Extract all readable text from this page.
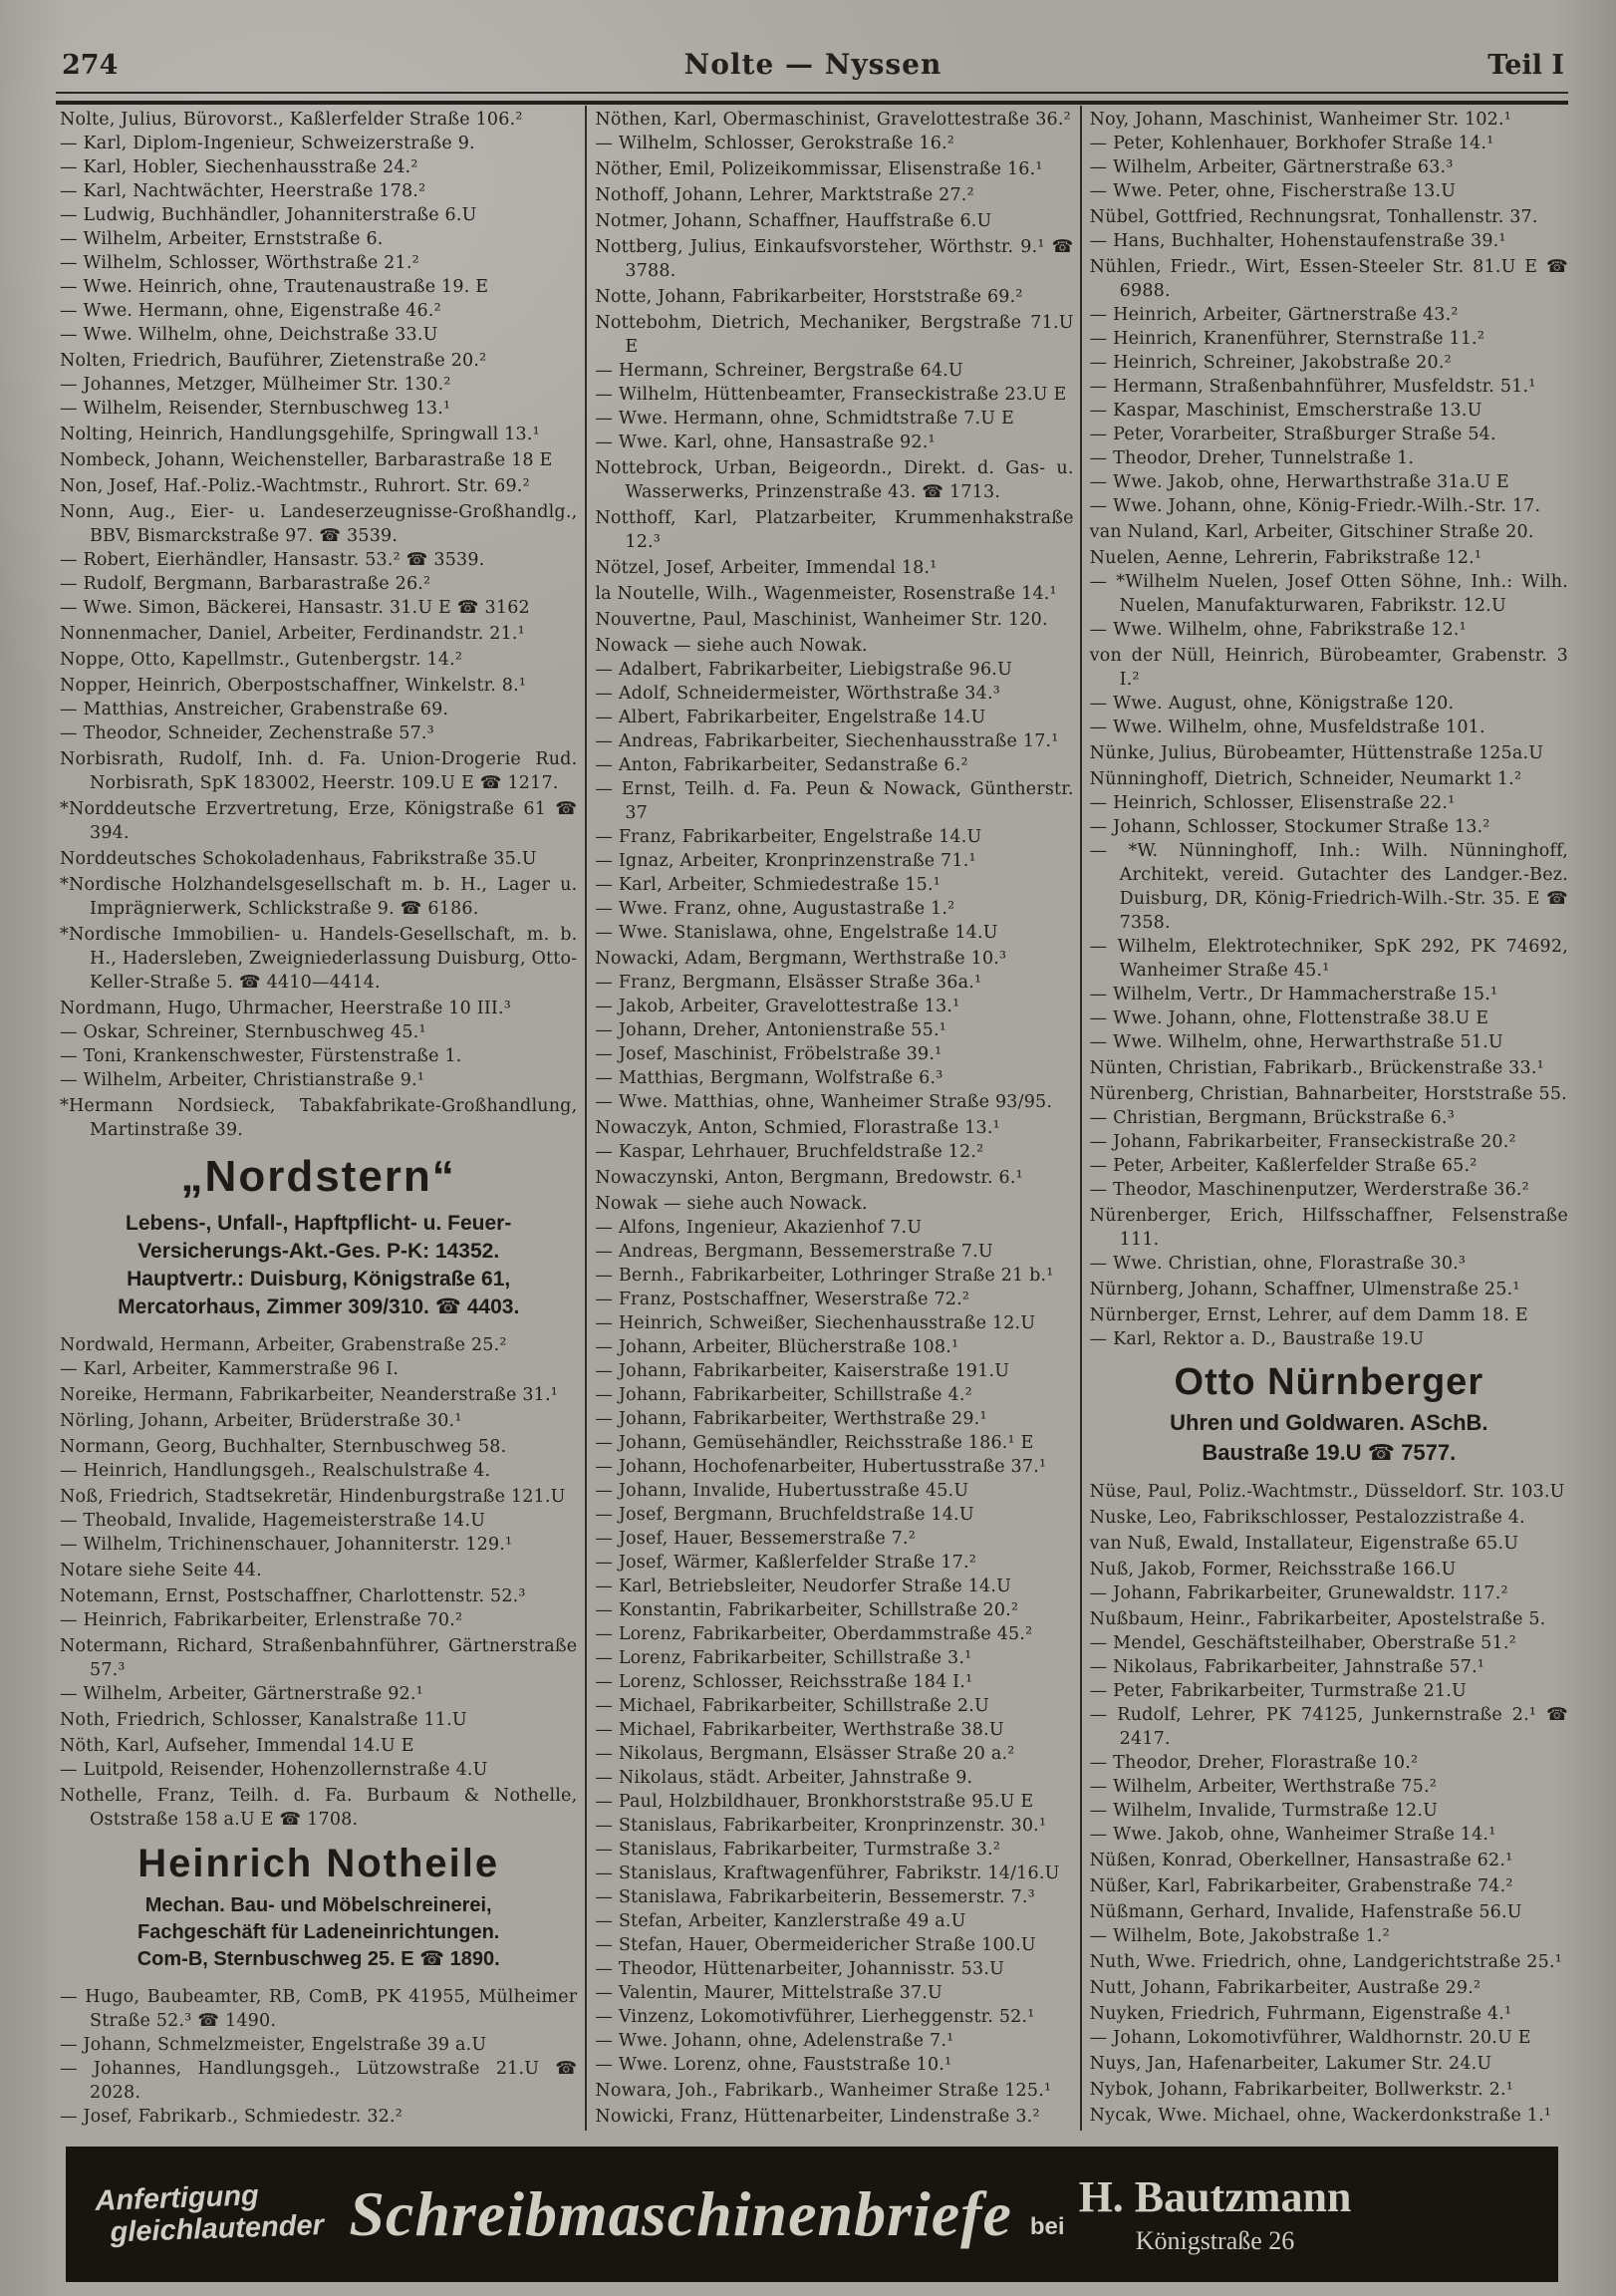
274	Nolte — Nyssen	Teil I
Nolte, Julius, Bürovorst., Kaßlerfelder Straße 106.²
— Karl, Diplom-Ingenieur, Schweizerstraße 9.
— Karl, Hobler, Siechenhausstraße 24.²
— Karl, Nachtwächter, Heerstraße 178.²
— Ludwig, Buchhändler, Johanniterstraße 6.U
— Wilhelm, Arbeiter, Ernststraße 6.
— Wilhelm, Schlosser, Wörthstraße 21.²
— Wwe. Heinrich, ohne, Trautenaustraße 19. E
— Wwe. Hermann, ohne, Eigenstraße 46.²
— Wwe. Wilhelm, ohne, Deichstraße 33.U
Nolten, Friedrich, Bauführer, Zietenstraße 20.²
— Johannes, Metzger, Mülheimer Str. 130.²
— Wilhelm, Reisender, Sternbuschweg 13.¹
Nolting, Heinrich, Handlungsgehilfe, Springwall 13.¹
Nombeck, Johann, Weichensteller, Barbarastraße 18 E
Non, Josef, Haf.-Poliz.-Wachtmstr., Ruhrort. Str. 69.²
Nonn, Aug., Eier- u. Landeserzeugnisse-Großhandlg., BBV, Bismarckstraße 97. ☎ 3539.
— Robert, Eierhändler, Hansastr. 53.² ☎ 3539.
— Rudolf, Bergmann, Barbarastraße 26.²
— Wwe. Simon, Bäckerei, Hansastr. 31.U E ☎ 3162
Nonnenmacher, Daniel, Arbeiter, Ferdinandstr. 21.¹
Noppe, Otto, Kapellmstr., Gutenbergstr. 14.²
Nopper, Heinrich, Oberpostschaffner, Winkelstr. 8.¹
— Matthias, Anstreicher, Grabenstraße 69.
— Theodor, Schneider, Zechenstraße 57.³
Norbisrath, Rudolf, Inh. d. Fa. Union-Drogerie Rud. Norbisrath, SpK 183002, Heerstr. 109.U E ☎ 1217.
*Norddeutsche Erzvertretung, Erze, Königstraße 61 ☎ 394.
Norddeutsches Schokoladenhaus, Fabrikstraße 35.U
*Nordische Holzhandelsgesellschaft m. b. H., Lager u. Imprägnierwerk, Schlickstraße 9. ☎ 6186.
*Nordische Immobilien- u. Handels-Gesellschaft, m. b. H., Hadersleben, Zweigniederlassung Duisburg, Otto-Keller-Straße 5. ☎ 4410—4414.
Nordmann, Hugo, Uhrmacher, Heerstraße 10 III.³
— Oskar, Schreiner, Sternbuschweg 45.¹
— Toni, Krankenschwester, Fürstenstraße 1.
— Wilhelm, Arbeiter, Christianstraße 9.¹
*Hermann Nordsieck, Tabakfabrikate-Großhandlung, Martinstraße 39.
„Nordstern“
Lebens-, Unfall-, Hapftpflicht- u. Feuer-
Versicherungs-Akt.-Ges. P-K: 14352.
Hauptvertr.: Duisburg, Königstraße 61,
Mercatorhaus, Zimmer 309/310. ☎ 4403.
Nordwald, Hermann, Arbeiter, Grabenstraße 25.²
— Karl, Arbeiter, Kammerstraße 96 I.
Noreike, Hermann, Fabrikarbeiter, Neanderstraße 31.¹
Nörling, Johann, Arbeiter, Brüderstraße 30.¹
Normann, Georg, Buchhalter, Sternbuschweg 58.
— Heinrich, Handlungsgeh., Realschulstraße 4.
Noß, Friedrich, Stadtsekretär, Hindenburgstraße 121.U
— Theobald, Invalide, Hagemeisterstraße 14.U
— Wilhelm, Trichinenschauer, Johanniterstr. 129.¹
Notare siehe Seite 44.
Notemann, Ernst, Postschaffner, Charlottenstr. 52.³
— Heinrich, Fabrikarbeiter, Erlenstraße 70.²
Notermann, Richard, Straßenbahnführer, Gärtnerstraße 57.³
— Wilhelm, Arbeiter, Gärtnerstraße 92.¹
Noth, Friedrich, Schlosser, Kanalstraße 11.U
Nöth, Karl, Aufseher, Immendal 14.U E
— Luitpold, Reisender, Hohenzollernstraße 4.U
Nothelle, Franz, Teilh. d. Fa. Burbaum & Nothelle, Oststraße 158 a.U E ☎ 1708.
Heinrich Notheile
Mechan. Bau- und Möbelschreinerei,
Fachgeschäft für Ladeneinrichtungen.
Com-B, Sternbuschweg 25. E ☎ 1890.
— Hugo, Baubeamter, RB, ComB, PK 41955, Mülheimer Straße 52.³ ☎ 1490.
— Johann, Schmelzmeister, Engelstraße 39 a.U
— Johannes, Handlungsgeh., Lützowstraße 21.U ☎ 2028.
— Josef, Fabrikarb., Schmiedestr. 32.²
Nöthen, Karl, Obermaschinist, Gravelottestraße 36.²
— Wilhelm, Schlosser, Gerokstraße 16.²
Nöther, Emil, Polizeikommissar, Elisenstraße 16.¹
Nothoff, Johann, Lehrer, Marktstraße 27.²
Notmer, Johann, Schaffner, Hauffstraße 6.U
Nottberg, Julius, Einkaufsvorsteher, Wörthstr. 9.¹ ☎ 3788.
Notte, Johann, Fabrikarbeiter, Horststraße 69.²
Nottebohm, Dietrich, Mechaniker, Bergstraße 71.U E
— Hermann, Schreiner, Bergstraße 64.U
— Wilhelm, Hüttenbeamter, Franseckistraße 23.U E
— Wwe. Hermann, ohne, Schmidtstraße 7.U E
— Wwe. Karl, ohne, Hansastraße 92.¹
Nottebrock, Urban, Beigeordn., Direkt. d. Gas- u. Wasserwerks, Prinzenstraße 43. ☎ 1713.
Notthoff, Karl, Platzarbeiter, Krummenhakstraße 12.³
Nötzel, Josef, Arbeiter, Immendal 18.¹
la Noutelle, Wilh., Wagenmeister, Rosenstraße 14.¹
Nouvertne, Paul, Maschinist, Wanheimer Str. 120.
Nowack — siehe auch Nowak.
— Adalbert, Fabrikarbeiter, Liebigstraße 96.U
— Adolf, Schneidermeister, Wörthstraße 34.³
— Albert, Fabrikarbeiter, Engelstraße 14.U
— Andreas, Fabrikarbeiter, Siechenhausstraße 17.¹
— Anton, Fabrikarbeiter, Sedanstraße 6.²
— Ernst, Teilh. d. Fa. Peun & Nowack, Güntherstr. 37
— Franz, Fabrikarbeiter, Engelstraße 14.U
— Ignaz, Arbeiter, Kronprinzenstraße 71.¹
— Karl, Arbeiter, Schmiedestraße 15.¹
— Wwe. Franz, ohne, Augustastraße 1.²
— Wwe. Stanislawa, ohne, Engelstraße 14.U
Nowacki, Adam, Bergmann, Werthstraße 10.³
— Franz, Bergmann, Elsässer Straße 36a.¹
— Jakob, Arbeiter, Gravelottestraße 13.¹
— Johann, Dreher, Antonienstraße 55.¹
— Josef, Maschinist, Fröbelstraße 39.¹
— Matthias, Bergmann, Wolfstraße 6.³
— Wwe. Matthias, ohne, Wanheimer Straße 93/95.
Nowaczyk, Anton, Schmied, Florastraße 13.¹
— Kaspar, Lehrhauer, Bruchfeldstraße 12.²
Nowaczynski, Anton, Bergmann, Bredowstr. 6.¹
Nowak — siehe auch Nowack.
— Alfons, Ingenieur, Akazienhof 7.U
— Andreas, Bergmann, Bessemerstraße 7.U
— Bernh., Fabrikarbeiter, Lothringer Straße 21 b.¹
— Franz, Postschaffner, Weserstraße 72.²
— Heinrich, Schweißer, Siechenhausstraße 12.U
— Johann, Arbeiter, Blücherstraße 108.¹
— Johann, Fabrikarbeiter, Kaiserstraße 191.U
— Johann, Fabrikarbeiter, Schillstraße 4.²
— Johann, Fabrikarbeiter, Werthstraße 29.¹
— Johann, Gemüsehändler, Reichsstraße 186.¹ E
— Johann, Hochofenarbeiter, Hubertusstraße 37.¹
— Johann, Invalide, Hubertusstraße 45.U
— Josef, Bergmann, Bruchfeldstraße 14.U
— Josef, Hauer, Bessemerstraße 7.²
— Josef, Wärmer, Kaßlerfelder Straße 17.²
— Karl, Betriebsleiter, Neudorfer Straße 14.U
— Konstantin, Fabrikarbeiter, Schillstraße 20.²
— Lorenz, Fabrikarbeiter, Oberdammstraße 45.²
— Lorenz, Fabrikarbeiter, Schillstraße 3.¹
— Lorenz, Schlosser, Reichsstraße 184 I.¹
— Michael, Fabrikarbeiter, Schillstraße 2.U
— Michael, Fabrikarbeiter, Werthstraße 38.U
— Nikolaus, Bergmann, Elsässer Straße 20 a.²
— Nikolaus, städt. Arbeiter, Jahnstraße 9.
— Paul, Holzbildhauer, Bronkhorststraße 95.U E
— Stanislaus, Fabrikarbeiter, Kronprinzenstr. 30.¹
— Stanislaus, Fabrikarbeiter, Turmstraße 3.²
— Stanislaus, Kraftwagenführer, Fabrikstr. 14/16.U
— Stanislawa, Fabrikarbeiterin, Bessemerstr. 7.³
— Stefan, Arbeiter, Kanzlerstraße 49 a.U
— Stefan, Hauer, Obermeidericher Straße 100.U
— Theodor, Hüttenarbeiter, Johannisstr. 53.U
— Valentin, Maurer, Mittelstraße 37.U
— Vinzenz, Lokomotivführer, Lierheggenstr. 52.¹
— Wwe. Johann, ohne, Adelenstraße 7.¹
— Wwe. Lorenz, ohne, Fauststraße 10.¹
Nowara, Joh., Fabrikarb., Wanheimer Straße 125.¹
Nowicki, Franz, Hüttenarbeiter, Lindenstraße 3.²
Noy, Johann, Maschinist, Wanheimer Str. 102.¹
— Peter, Kohlenhauer, Borkhofer Straße 14.¹
— Wilhelm, Arbeiter, Gärtnerstraße 63.³
— Wwe. Peter, ohne, Fischerstraße 13.U
Nübel, Gottfried, Rechnungsrat, Tonhallenstr. 37.
— Hans, Buchhalter, Hohenstaufenstraße 39.¹
Nühlen, Friedr., Wirt, Essen-Steeler Str. 81.U E ☎ 6988.
— Heinrich, Arbeiter, Gärtnerstraße 43.²
— Heinrich, Kranenführer, Sternstraße 11.²
— Heinrich, Schreiner, Jakobstraße 20.²
— Hermann, Straßenbahnführer, Musfeldstr. 51.¹
— Kaspar, Maschinist, Emscherstraße 13.U
— Peter, Vorarbeiter, Straßburger Straße 54.
— Theodor, Dreher, Tunnelstraße 1.
— Wwe. Jakob, ohne, Herwarthstraße 31a.U E
— Wwe. Johann, ohne, König-Friedr.-Wilh.-Str. 17.
van Nuland, Karl, Arbeiter, Gitschiner Straße 20.
Nuelen, Aenne, Lehrerin, Fabrikstraße 12.¹
— *Wilhelm Nuelen, Josef Otten Söhne, Inh.: Wilh. Nuelen, Manufakturwaren, Fabrikstr. 12.U
— Wwe. Wilhelm, ohne, Fabrikstraße 12.¹
von der Nüll, Heinrich, Bürobeamter, Grabenstr. 3 I.²
— Wwe. August, ohne, Königstraße 120.
— Wwe. Wilhelm, ohne, Musfeldstraße 101.
Nünke, Julius, Bürobeamter, Hüttenstraße 125a.U
Nünninghoff, Dietrich, Schneider, Neumarkt 1.²
— Heinrich, Schlosser, Elisenstraße 22.¹
— Johann, Schlosser, Stockumer Straße 13.²
— *W. Nünninghoff, Inh.: Wilh. Nünninghoff, Architekt, vereid. Gutachter des Landger.-Bez. Duisburg, DR, König-Friedrich-Wilh.-Str. 35. E ☎ 7358.
— Wilhelm, Elektrotechniker, SpK 292, PK 74692, Wanheimer Straße 45.¹
— Wilhelm, Vertr., Dr Hammacherstraße 15.¹
— Wwe. Johann, ohne, Flottenstraße 38.U E
— Wwe. Wilhelm, ohne, Herwarthstraße 51.U
Nünten, Christian, Fabrikarb., Brückenstraße 33.¹
Nürenberg, Christian, Bahnarbeiter, Horststraße 55.
— Christian, Bergmann, Brückstraße 6.³
— Johann, Fabrikarbeiter, Franseckistraße 20.²
— Peter, Arbeiter, Kaßlerfelder Straße 65.²
— Theodor, Maschinenputzer, Werderstraße 36.²
Nürenberger, Erich, Hilfsschaffner, Felsenstraße 111.
— Wwe. Christian, ohne, Florastraße 30.³
Nürnberg, Johann, Schaffner, Ulmenstraße 25.¹
Nürnberger, Ernst, Lehrer, auf dem Damm 18. E
— Karl, Rektor a. D., Baustraße 19.U
Otto Nürnberger
Uhren und Goldwaren. ASchB.
Baustraße 19.U ☎ 7577.
Nüse, Paul, Poliz.-Wachtmstr., Düsseldorf. Str. 103.U
Nuske, Leo, Fabrikschlosser, Pestalozzistraße 4.
van Nuß, Ewald, Installateur, Eigenstraße 65.U
Nuß, Jakob, Former, Reichsstraße 166.U
— Johann, Fabrikarbeiter, Grunewaldstr. 117.²
Nußbaum, Heinr., Fabrikarbeiter, Apostelstraße 5.
— Mendel, Geschäftsteilhaber, Oberstraße 51.²
— Nikolaus, Fabrikarbeiter, Jahnstraße 57.¹
— Peter, Fabrikarbeiter, Turmstraße 21.U
— Rudolf, Lehrer, PK 74125, Junkernstraße 2.¹ ☎ 2417.
— Theodor, Dreher, Florastraße 10.²
— Wilhelm, Arbeiter, Werthstraße 75.²
— Wilhelm, Invalide, Turmstraße 12.U
— Wwe. Jakob, ohne, Wanheimer Straße 14.¹
Nüßen, Konrad, Oberkellner, Hansastraße 62.¹
Nüßer, Karl, Fabrikarbeiter, Grabenstraße 74.²
Nüßmann, Gerhard, Invalide, Hafenstraße 56.U
— Wilhelm, Bote, Jakobstraße 1.²
Nuth, Wwe. Friedrich, ohne, Landgerichtstraße 25.¹
Nutt, Johann, Fabrikarbeiter, Austraße 29.²
Nuyken, Friedrich, Fuhrmann, Eigenstraße 4.¹
— Johann, Lokomotivführer, Waldhornstr. 20.U E
Nuys, Jan, Hafenarbeiter, Lakumer Str. 24.U
Nybok, Johann, Fabrikarbeiter, Bollwerkstr. 2.¹
Nycak, Wwe. Michael, ohne, Wackerdonkstraße 1.¹
Anfertigung
gleichlautender Schreibmaschinenbriefe bei
H. Bautzmann
Königstraße 26
